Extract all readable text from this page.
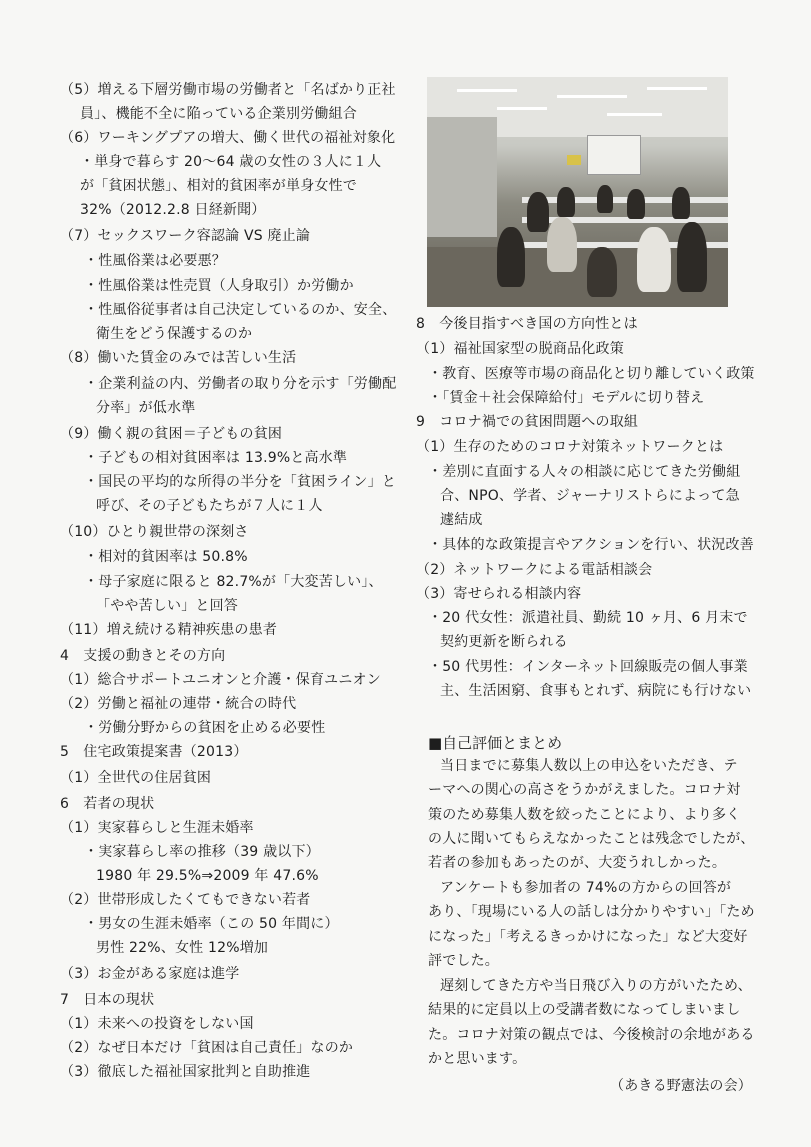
（5）増える下層労働市場の労働者と「名ばかり正社
員」、機能不全に陥っている企業別労働組合
（6）ワーキングプアの増大、働く世代の福祉対象化
・単身で暮らす 20～64 歳の女性の３人に１人
が「貧困状態」、相対的貧困率が単身女性で
32%（2012.2.8 日経新聞）
（7）セックスワーク容認論 VS 廃止論
・性風俗業は必要悪？
・性風俗業は性売買（人身取引）か労働か
・性風俗従事者は自己決定しているのか、安全、
衛生をどう保護するのか
（8）働いた賃金のみでは苦しい生活
・企業利益の内、労働者の取り分を示す「労働配
分率」が低水準
（9）働く親の貧困＝子どもの貧困
・子どもの相対貧困率は 13.9%と高水準
・国民の平均的な所得の半分を「貧困ライン」と
呼び、その子どもたちが７人に１人
（10）ひとり親世帯の深刻さ
・相対的貧困率は 50.8%
・母子家庭に限ると 82.7%が「大変苦しい」、
「やや苦しい」と回答
（11）増え続ける精神疾患の患者
4　支援の動きとその方向
（1）総合サポートユニオンと介護・保育ユニオン
（2）労働と福祉の連帯・統合の時代
・労働分野からの貧困を止める必要性
5　住宅政策提案書（2013）
（1）全世代の住居貧困
6　若者の現状
（1）実家暮らしと生涯未婚率
・実家暮らし率の推移（39 歳以下）
1980 年 29.5%⇒2009 年 47.6%
（2）世帯形成したくてもできない若者
・男女の生涯未婚率（この 50 年間に）
男性 22%、女性 12%増加
（3）お金がある家庭は進学
7　日本の現状
（1）未来への投資をしない国
（2）なぜ日本だけ「貧困は自己責任」なのか
（3）徹底した福祉国家批判と自助推進
8　今後目指すべき国の方向性とは
（1）福祉国家型の脱商品化政策
・教育、医療等市場の商品化と切り離していく政策
・「賃金＋社会保障給付」モデルに切り替え
9　コロナ禍での貧困問題への取組
（1）生存のためのコロナ対策ネットワークとは
・差別に直面する人々の相談に応じてきた労働組
合、NPO、学者、ジャーナリストらによって急
遽結成
・具体的な政策提言やアクションを行い、状況改善
（2）ネットワークによる電話相談会
（3）寄せられる相談内容
・20 代女性：派遣社員、勤続 10 ヶ月、6 月末で
契約更新を断られる
・50 代男性：インターネット回線販売の個人事業
主、生活困窮、食事もとれず、病院にも行けない
■自己評価とまとめ
当日までに募集人数以上の申込をいただき、テ
ーマへの関心の高さをうかがえました。コロナ対
策のため募集人数を絞ったことにより、より多く
の人に聞いてもらえなかったことは残念でしたが、
若者の参加もあったのが、大変うれしかった。
アンケートも参加者の 74%の方からの回答が
あり、「現場にいる人の話しは分かりやすい」「ため
になった」「考えるきっかけになった」など大変好
評でした。
遅刻してきた方や当日飛び入りの方がいたため、
結果的に定員以上の受講者数になってしまいまし
た。コロナ対策の観点では、今後検討の余地がある
かと思います。
（あきる野憲法の会）
